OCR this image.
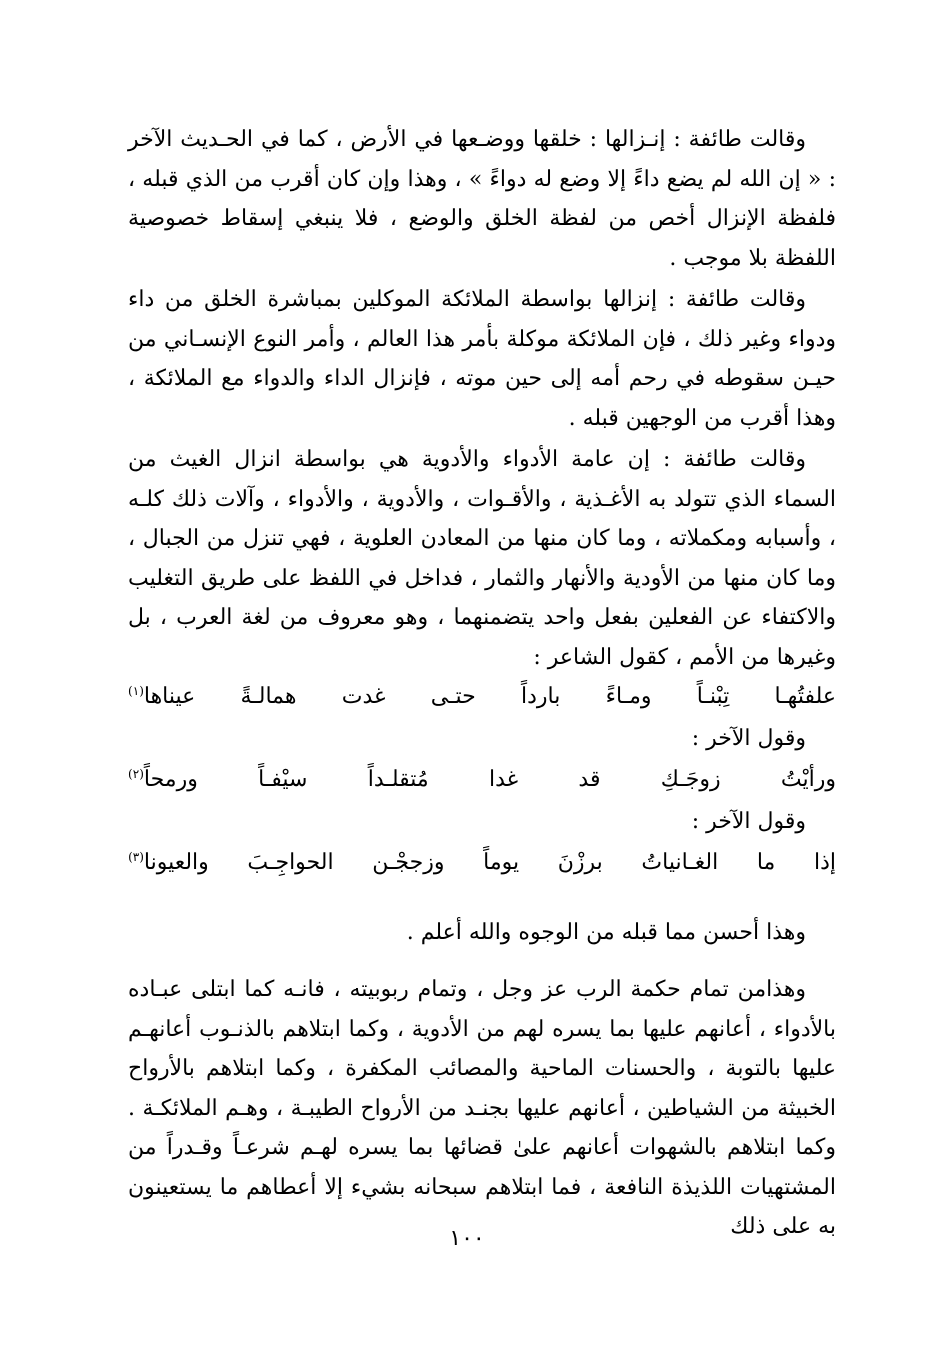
وقالت طائفة : إنـزالها : خلقها ووضـعها في الأرض ، كما في الحـديث الآخر : « إن الله لم يضع داءً إلا وضع له دواءً » ، وهذا وإن كان أقرب من الذي قبله ، فلفظة الإنزال أخص من لفظة الخلق والوضع ، فلا ينبغي إسقاط خصوصية اللفظة بلا موجب .

وقالت طائفة : إنزالها بواسطة الملائكة الموكلين بمباشرة الخلق من داء ودواء وغير ذلك ، فإن الملائكة موكلة بأمر هذا العالم ، وأمر النوع الإنسـاني من حيـن سقوطه في رحم أمه إلى حين موته ، فإنزال الداء والدواء مع الملائكة ، وهذا أقرب من الوجهين قبله .

وقالت طائفة : إن عامة الأدواء والأدوية هي بواسطة انزال الغيث من السماء الذي تتولد به الأغـذية ، والأقـوات ، والأدوية ، والأدواء ، وآلات ذلك كلـه ، وأسبابه ومكملاته ، وما كان منها من المعادن العلوية ، فهي تنزل من الجبال ، وما كان منها من الأودية والأنهار والثمار ، فداخل في اللفظ على طريق التغليب والاكتفاء عن الفعلين بفعل واحد يتضمنهما ، وهو معروف من لغة العرب ، بل وغيرها من الأمم ، كقول الشاعر :

علفتُهـا
تِبْنـاً
ومـاءً
بارداً
حتـى
غدت
همالـةً
عيناها(١)

وقول الآخر :

ورأيْتُ
زوجَـكِ
قد
غدا
مُتقلـداً
سيْفـاً
ورمحاً(٢)

وقول الآخر :

إذا
ما
الغـانياتُ
برزْنَ
يوماً
وزججْـن
الحواجِـبَ
والعيونا(٣)

وهذا أحسن مما قبله من الوجوه والله أعلم .

وهذامن تمام حكمة الرب عز وجل ، وتمام ربوبيته ، فانـه كما ابتلى عبـاده بالأدواء ، أعانهم عليها بما يسره لهم من الأدوية ، وكما ابتلاهم بالذنـوب أعانهـم عليها بالتوبة ، والحسنات الماحية والمصائب المكفرة ، وكما ابتلاهم بالأرواح الخبيثة من الشياطين ، أعانهم عليها بجنـد من الأرواح الطيبـة ، وهـم الملائكـة . وكما ابتلاهم بالشهوات أعانهم علىٰ قضائها بما يسره لهـم شرعـاً وقـدراً من المشتهيات اللذيذة النافعة ، فما ابتلاهم سبحانه بشيء إلا أعطاهم ما يستعينون به على ذلك

١٠٠
